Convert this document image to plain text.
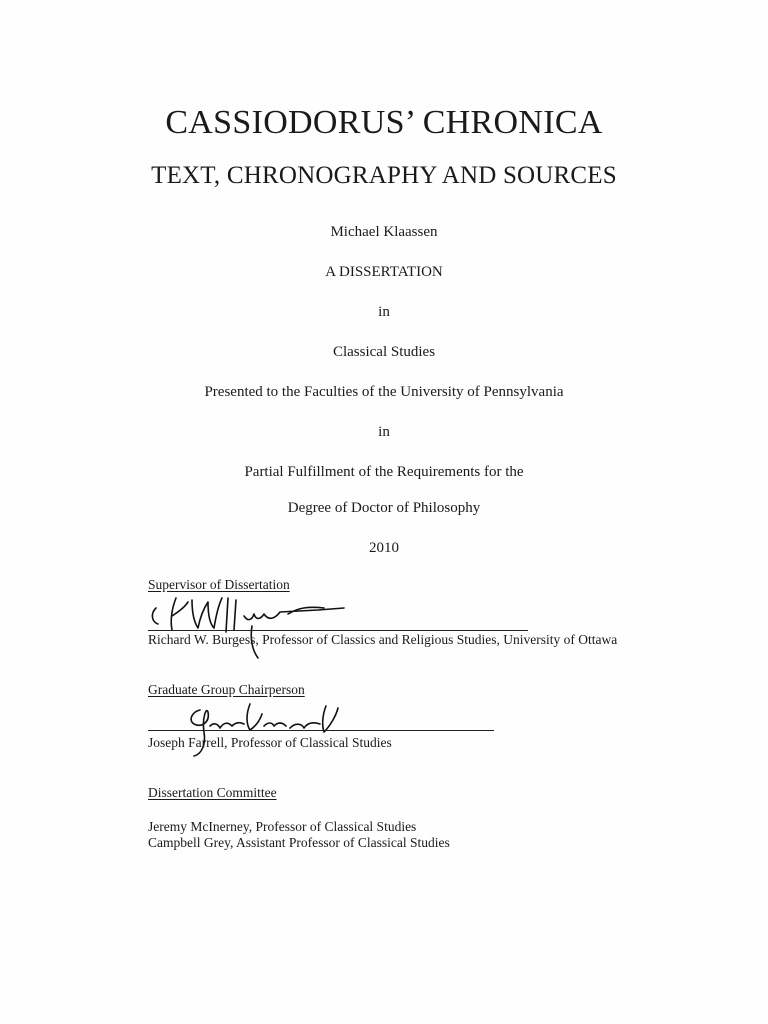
CASSIODORUS’ CHRONICA
TEXT, CHRONOGRAPHY AND SOURCES
Michael Klaassen
A DISSERTATION
in
Classical Studies
Presented to the Faculties of the University of Pennsylvania
in
Partial Fulfillment of the Requirements for the
Degree of Doctor of Philosophy
2010
Supervisor of Dissertation
Richard W. Burgess, Professor of Classics and Religious Studies, University of Ottawa
Graduate Group Chairperson
Joseph Farrell, Professor of Classical Studies
Dissertation Committee
Jeremy McInerney, Professor of Classical Studies
Campbell Grey, Assistant Professor of Classical Studies
